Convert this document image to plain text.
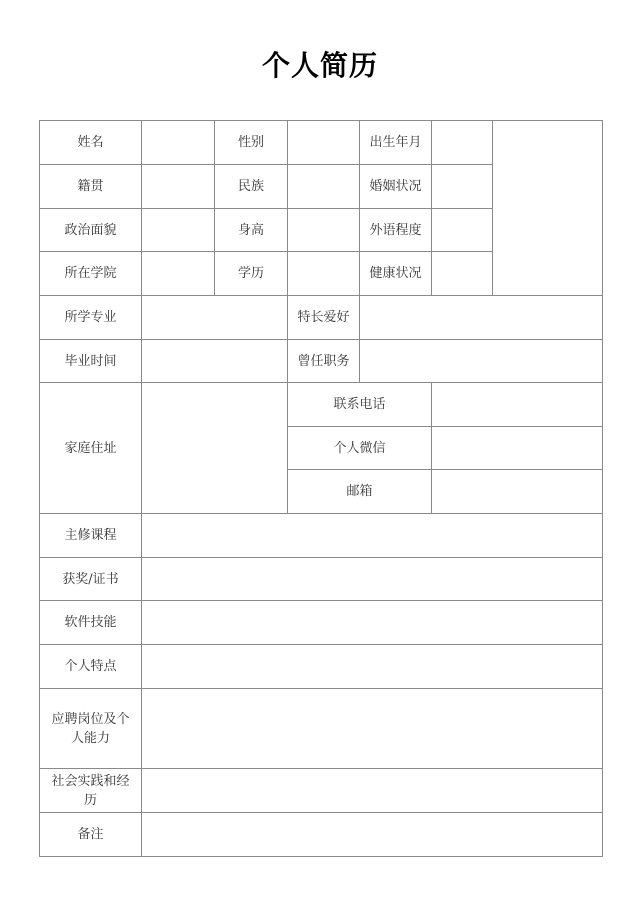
个人简历
姓名		性别		出生年月		
籍贯		民族		婚姻状况		
政治面貌		身高		外语程度		
所在学院		学历		健康状况		
所学专业			特长爱好			
毕业时间			曾任职务			
家庭住址			联系电话			
			个人微信			
			邮箱			
主修课程						
获奖/证书						
软件技能						
个人特点						
应聘岗位及个人能力						
社会实践和经历						
备注						
